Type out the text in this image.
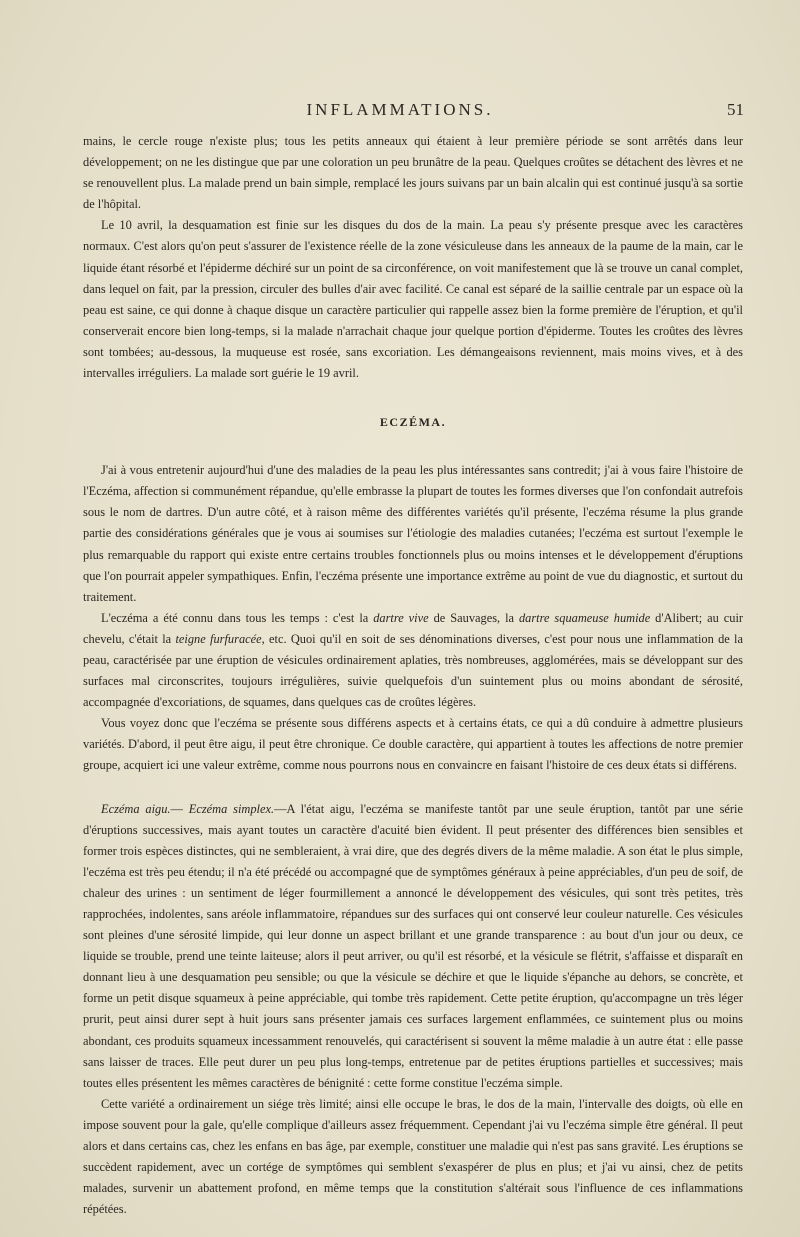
INFLAMMATIONS.	51

mains, le cercle rouge n'existe plus; tous les petits anneaux qui étaient à leur première période se sont arrêtés dans leur développement; on ne les distingue que par une coloration un peu brunâtre de la peau. Quelques croûtes se détachent des lèvres et ne se renouvellent plus. La malade prend un bain simple, remplacé les jours suivans par un bain alcalin qui est continué jusqu'à sa sortie de l'hôpital.

Le 10 avril, la desquamation est finie sur les disques du dos de la main. La peau s'y présente presque avec les caractères normaux. C'est alors qu'on peut s'assurer de l'existence réelle de la zone vésiculeuse dans les anneaux de la paume de la main, car le liquide étant résorbé et l'épiderme déchiré sur un point de sa circonférence, on voit manifestement que là se trouve un canal complet, dans lequel on fait, par la pression, circuler des bulles d'air avec facilité. Ce canal est séparé de la saillie centrale par un espace où la peau est saine, ce qui donne à chaque disque un caractère particulier qui rappelle assez bien la forme première de l'éruption, et qu'il conserverait encore bien long-temps, si la malade n'arrachait chaque jour quelque portion d'épiderme. Toutes les croûtes des lèvres sont tombées; au-dessous, la muqueuse est rosée, sans excoriation. Les démangeaisons reviennent, mais moins vives, et à des intervalles irréguliers. La malade sort guérie le 19 avril.

ECZÉMA.

J'ai à vous entretenir aujourd'hui d'une des maladies de la peau les plus intéressantes sans contredit; j'ai à vous faire l'histoire de l'Eczéma, affection si communément répandue, qu'elle embrasse la plupart de toutes les formes diverses que l'on confondait autrefois sous le nom de dartres. D'un autre côté, et à raison même des différentes variétés qu'il présente, l'eczéma résume la plus grande partie des considérations générales que je vous ai soumises sur l'étiologie des maladies cutanées; l'eczéma est surtout l'exemple le plus remarquable du rapport qui existe entre certains troubles fonctionnels plus ou moins intenses et le développement d'éruptions que l'on pourrait appeler sympathiques. Enfin, l'eczéma présente une importance extrême au point de vue du diagnostic, et surtout du traitement.

L'eczéma a été connu dans tous les temps : c'est la dartre vive de Sauvages, la dartre squameuse humide d'Alibert; au cuir chevelu, c'était la teigne furfuracée, etc. Quoi qu'il en soit de ses dénominations diverses, c'est pour nous une inflammation de la peau, caractérisée par une éruption de vésicules ordinairement aplaties, très nombreuses, agglomérées, mais se développant sur des surfaces mal circonscrites, toujours irrégulières, suivie quelquefois d'un suintement plus ou moins abondant de sérosité, accompagnée d'excoriations, de squames, dans quelques cas de croûtes légères.

Vous voyez donc que l'eczéma se présente sous différens aspects et à certains états, ce qui a dû conduire à admettre plusieurs variétés. D'abord, il peut être aigu, il peut être chronique. Ce double caractère, qui appartient à toutes les affections de notre premier groupe, acquiert ici une valeur extrême, comme nous pourrons nous en convaincre en faisant l'histoire de ces deux états si différens.

Eczéma aigu.— Eczéma simplex.—A l'état aigu, l'eczéma se manifeste tantôt par une seule éruption, tantôt par une série d'éruptions successives, mais ayant toutes un caractère d'acuité bien évident. Il peut présenter des différences bien sensibles et former trois espèces distinctes, qui ne sembleraient, à vrai dire, que des degrés divers de la même maladie. A son état le plus simple, l'eczéma est très peu étendu; il n'a été précédé ou accompagné que de symptômes généraux à peine appréciables, d'un peu de soif, de chaleur des urines : un sentiment de léger fourmillement a annoncé le développement des vésicules, qui sont très petites, très rapprochées, indolentes, sans aréole inflammatoire, répandues sur des surfaces qui ont conservé leur couleur naturelle. Ces vésicules sont pleines d'une sérosité limpide, qui leur donne un aspect brillant et une grande transparence : au bout d'un jour ou deux, ce liquide se trouble, prend une teinte laiteuse; alors il peut arriver, ou qu'il est résorbé, et la vésicule se flétrit, s'affaisse et disparaît en donnant lieu à une desquamation peu sensible; ou que la vésicule se déchire et que le liquide s'épanche au dehors, se concrète, et forme un petit disque squameux à peine appréciable, qui tombe très rapidement. Cette petite éruption, qu'accompagne un très léger prurit, peut ainsi durer sept à huit jours sans présenter jamais ces surfaces largement enflammées, ce suintement plus ou moins abondant, ces produits squameux incessamment renouvelés, qui caractérisent si souvent la même maladie à un autre état : elle passe sans laisser de traces. Elle peut durer un peu plus long-temps, entretenue par de petites éruptions partielles et successives; mais toutes elles présentent les mêmes caractères de bénignité : cette forme constitue l'eczéma simple.

Cette variété a ordinairement un siége très limité; ainsi elle occupe le bras, le dos de la main, l'intervalle des doigts, où elle en impose souvent pour la gale, qu'elle complique d'ailleurs assez fréquemment. Cependant j'ai vu l'eczéma simple être général. Il peut alors et dans certains cas, chez les enfans en bas âge, par exemple, constituer une maladie qui n'est pas sans gravité. Les éruptions se succèdent rapidement, avec un cortége de symptômes qui semblent s'exaspérer de plus en plus; et j'ai vu ainsi, chez de petits malades, survenir un abattement profond, en même temps que la constitution s'altérait sous l'influence de ces inflammations répétées.
